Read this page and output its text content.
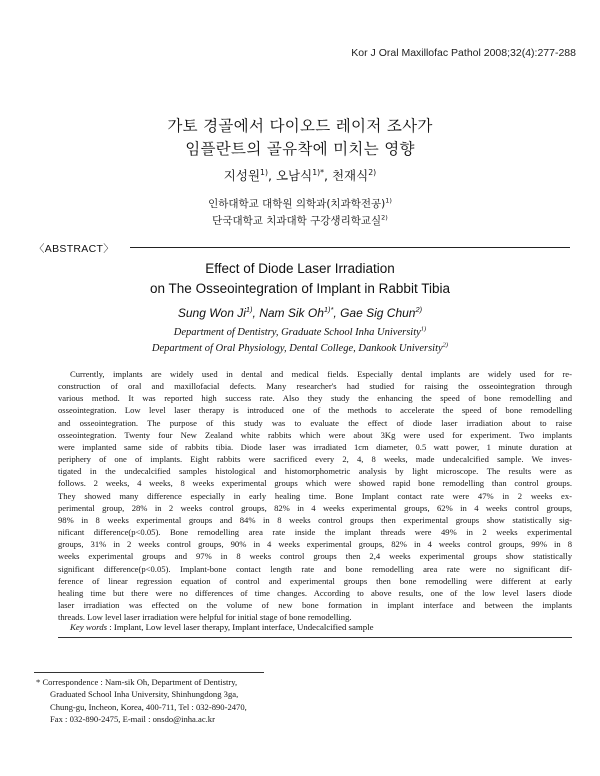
Kor J Oral Maxillofac Pathol 2008;32(4):277-288
가토 경골에서 다이오드 레이저 조사가
임플란트의 골유착에 미치는 영향
지성원$^{1)}$, 오남식$^{1)*}$, 천재식$^{2)}$
인하대학교 대학원 의학과(치과학전공)$^{1)}$
단국대학교 치과대학 구강생리학교실$^{2)}$
〈ABSTRACT〉
Effect of Diode Laser Irradiation
on The Osseointegration of Implant in Rabbit Tibia
Sung Won Ji$^{1)}$, Nam Sik $Oh^{1)*}$, Gae Sig Chun$^{2)}$
Department of Dentistry, Graduate School Inha University$^{1)}$
Department of Oral Physiology, Dental College, Dankook University$^{2)}$
Currently, implants are widely used in dental and medical fields. Especially dental implants are widely used for re-
construction of oral and maxillofacial defects. Many researcher's had studied for raising the osseointegration through
various method. It was reported high success rate. Also they study the enhancing the speed of bone remodelling and
osseointegration. Low level laser therapy is introduced one of the methods to accelerate the speed of bone remodelling
and osseointegration. The purpose of this study was to evaluate the effect of diode laser irradiation about to raise
osseointegration. Twenty four New Zealand white rabbits which were about 3Kg were used for experiment. Two implants
were implanted same side of rabbits tibia. Diode laser was irradiated 1cm diameter, 0.5 watt power, 1 minute duration at
periphery of one of implants. Eight rabbits were sacrificed every 2, 4, 8 weeks, made undecalcified sample. We inves-
tigated in the undecalcified samples histological and histomorphometric analysis by light microscope. The results were as
follows. 2 weeks, 4 weeks, 8 weeks experimental groups which were showed rapid bone remodelling than control groups.
They showed many difference especially in early healing time. Bone Implant contact rate were 47% in 2 weeks ex-
perimental group, 28% in 2 weeks control groups, 82% in 4 weeks experimental groups, 62% in 4 weeks control groups,
98% in 8 weeks experimental groups and 84% in 8 weeks control groups then experimental groups show statistically sig-
nificant difference(p<0.05). Bone remodelling area rate inside the implant threads were 49% in 2 weeks experimental
groups, 31% in 2 weeks control groups, 90% in 4 weeks experimental groups, 82% in 4 weeks control groups, 99% in 8
weeks experimental groups and 97% in 8 weeks control groups then 2,4 weeks experimental groups show statistically
significant difference(p<0.05). Implant-bone contact length rate and bone remodelling area rate were no significant dif-
ference of linear regression equation of control and experimental groups then bone remodelling were different at early
healing time but there were no differences of time changes. According to above results, one of the low level lasers diode
laser irradiation was effected on the volume of new bone formation in implant interface and between the implants
threads. Low level laser irradiation were helpful for initial stage of bone remodelling.
Key words : Implant, Low level laser therapy, Implant interface, Undecalcified sample
* Correspondence : Nam-sik Oh, Department of Dentistry,
Graduated School Inha University, Shinhungdong 3ga,
Chung-gu, Incheon, Korea, 400-711, Tel : 032-890-2470,
Fax : 032-890-2475, E-mail : onsdo@inha.ac.kr
